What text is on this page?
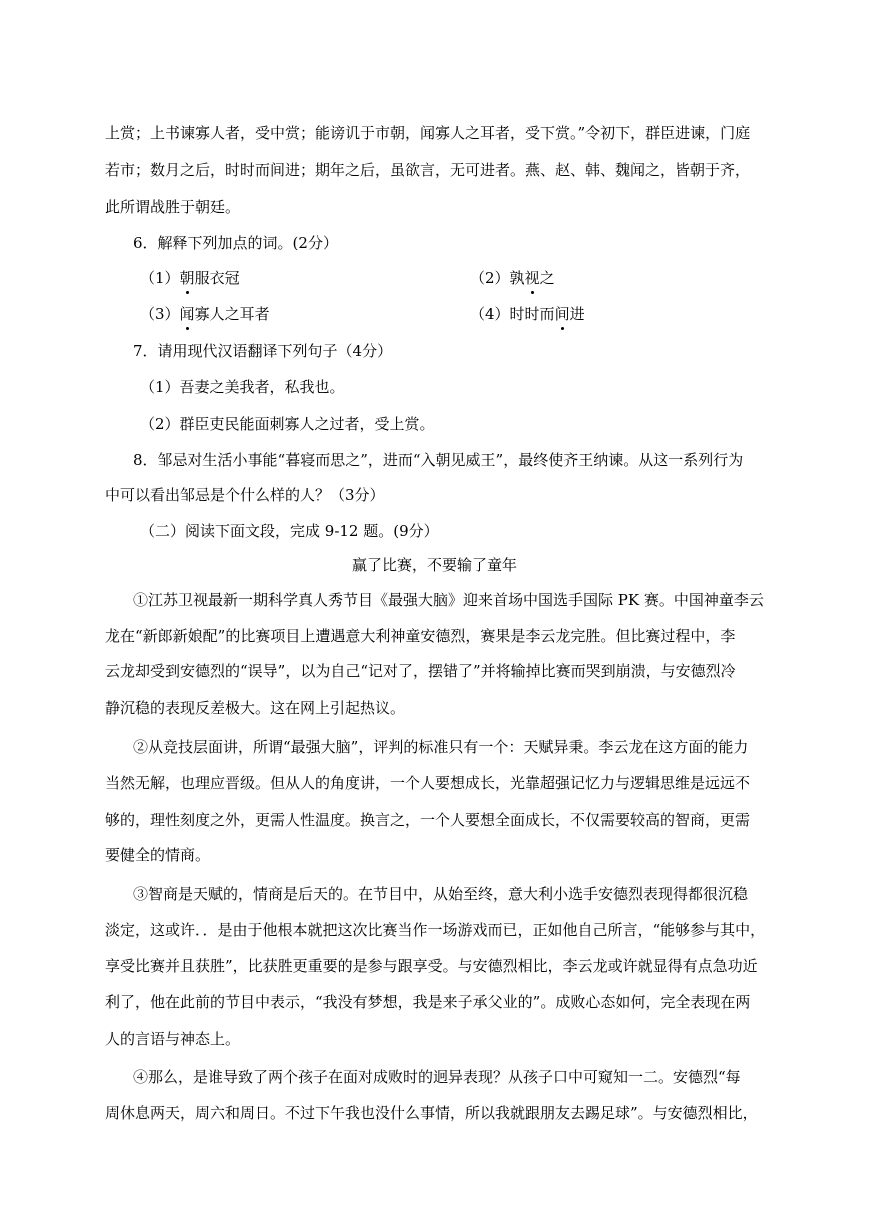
上赏；上书谏寡人者，受中赏；能谤讥于市朝，闻寡人之耳者，受下赏。”令初下，群臣进谏，门庭
若市；数月之后，时时而间进；期年之后，虽欲言，无可进者。燕、赵、韩、魏闻之，皆朝于齐，
此所谓战胜于朝廷。
6．解释下列加点的词。(2分）
（1）朝服衣冠	（2）孰视之
（3）闻寡人之耳者	（4）时时而间进
7．请用现代汉语翻译下列句子（4分）
（1）吾妻之美我者，私我也。
（2）群臣吏民能面刺寡人之过者，受上赏。
8．邹忌对生活小事能“暮寝而思之”，进而“入朝见威王”，最终使齐王纳谏。从这一系列行为
中可以看出邹忌是个什么样的人？（3分）
（二）阅读下面文段，完成 9-12 题。(9分）
赢了比赛，不要输了童年
①江苏卫视最新一期科学真人秀节目《最强大脑》迎来首场中国选手国际 PK 赛。中国神童李云
龙在“新郎新娘配”的比赛项目上遭遇意大利神童安德烈，赛果是李云龙完胜。但比赛过程中，李
云龙却受到安德烈的“误导”，以为自己“记对了，摆错了”并将输掉比赛而哭到崩溃，与安德烈冷
静沉稳的表现反差极大。这在网上引起热议。
②从竞技层面讲，所谓“最强大脑”，评判的标准只有一个：天赋异秉。李云龙在这方面的能力
当然无解，也理应晋级。但从人的角度讲，一个人要想成长，光靠超强记忆力与逻辑思维是远远不
够的，理性刻度之外，更需人性温度。换言之，一个人要想全面成长，不仅需要较高的智商，更需
要健全的情商。
③智商是天赋的，情商是后天的。在节目中，从始至终，意大利小选手安德烈表现得都很沉稳
淡定，这或许．．是由于他根本就把这次比赛当作一场游戏而已，正如他自己所言，“能够参与其中，
享受比赛并且获胜”，比获胜更重要的是参与跟享受。与安德烈相比，李云龙或许就显得有点急功近
利了，他在此前的节目中表示，“我没有梦想，我是来子承父业的”。成败心态如何，完全表现在两
人的言语与神态上。
④那么，是谁导致了两个孩子在面对成败时的迥异表现？从孩子口中可窥知一二。安德烈“每
周休息两天，周六和周日。不过下午我也没什么事情，所以我就跟朋友去踢足球”。与安德烈相比，
